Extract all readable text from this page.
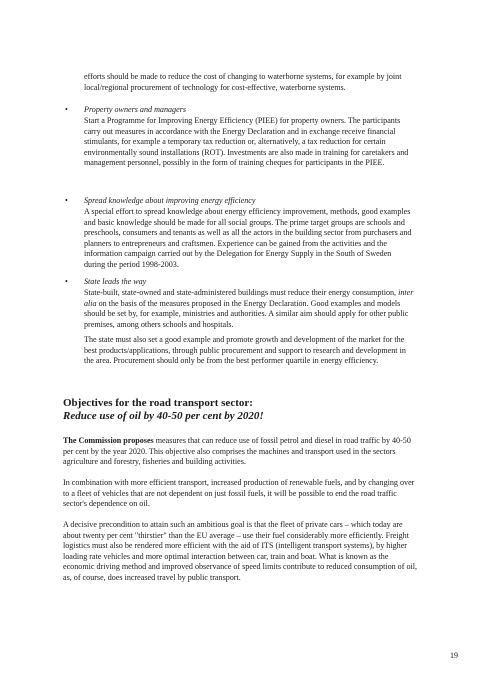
efforts should be made to reduce the cost of changing to waterborne systems, for example by joint local/regional procurement of technology for cost-effective, waterborne systems.

• Property owners and managers

Start a Programme for Improving Energy Efficiency (PIEE) for property owners. The participants carry out measures in accordance with the Energy Declaration and in exchange receive financial stimulants, for example a temporary tax reduction or, alternatively, a tax reduction for certain environmentally sound installations (ROT). Investments are also made in training for caretakers and management personnel, possibly in the form of training cheques for participants in the PIEE.

• Spread knowledge about improving energy efficiency

A special effort to spread knowledge about energy efficiency improvement, methods, good examples and basic knowledge should be made for all social groups. The prime target groups are schools and preschools, consumers and tenants as well as all the actors in the building sector from purchasers and planners to entrepreneurs and craftsmen. Experience can be gained from the activities and the information campaign carried out by the Delegation for Energy Supply in the South of Sweden during the period 1998-2003.

• State leads the way

State-built, state-owned and state-administered buildings must reduce their energy consumption, inter alia on the basis of the measures proposed in the Energy Declaration. Good examples and models should be set by, for example, ministries and authorities. A similar aim should apply for other public premises, among others schools and hospitals.

The state must also set a good example and promote growth and development of the market for the best products/applications, through public procurement and support to research and development in the area. Procurement should only be from the best performer quartile in energy efficiency.

Objectives for the road transport sector:
Reduce use of oil by 40-50 per cent by 2020!

The Commission proposes measures that can reduce use of fossil petrol and diesel in road traffic by 40-50 per cent by the year 2020. This objective also comprises the machines and transport used in the sectors agriculture and forestry, fisheries and building activities.

In combination with more efficient transport, increased production of renewable fuels, and by changing over to a fleet of vehicles that are not dependent on just fossil fuels, it will be possible to end the road traffic sector's dependence on oil.

A decisive precondition to attain such an ambitious goal is that the fleet of private cars – which today are about twenty per cent "thirstier" than the EU average – use their fuel considerably more efficiently. Freight logistics must also be rendered more efficient with the aid of ITS (intelligent transport systems), by higher loading rate vehicles and more optimal interaction between car, train and boat. What is known as the economic driving method and improved observance of speed limits contribute to reduced consumption of oil, as, of course, does increased travel by public transport.

19
